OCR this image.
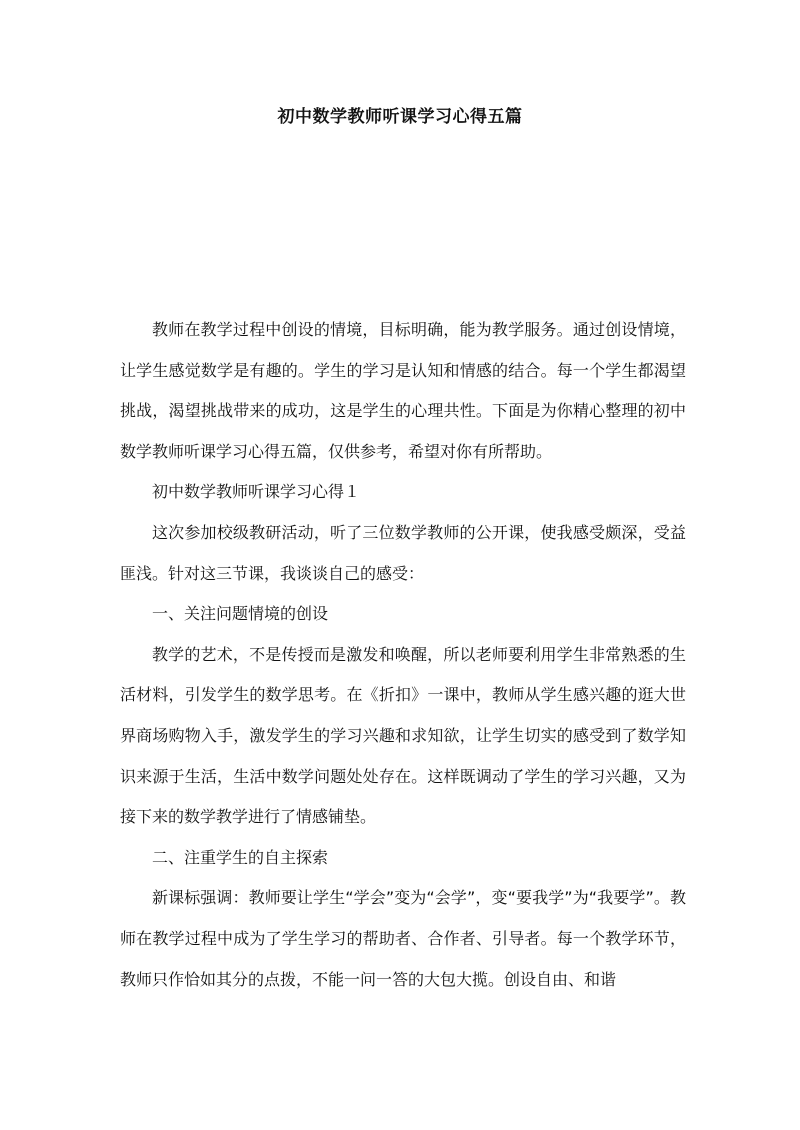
初中数学教师听课学习心得五篇

教师在教学过程中创设的情境，目标明确，能为教学服务。通过创设情境，让学生感觉数学是有趣的。学生的学习是认知和情感的结合。每一个学生都渴望挑战，渴望挑战带来的成功，这是学生的心理共性。下面是为你精心整理的初中数学教师听课学习心得五篇，仅供参考，希望对你有所帮助。

初中数学教师听课学习心得１

这次参加校级教研活动，听了三位数学教师的公开课，使我感受颇深，受益匪浅。针对这三节课，我谈谈自己的感受：

一、关注问题情境的创设

教学的艺术，不是传授而是激发和唤醒，所以老师要利用学生非常熟悉的生活材料，引发学生的数学思考。在《折扣》一课中，教师从学生感兴趣的逛大世界商场购物入手，激发学生的学习兴趣和求知欲，让学生切实的感受到了数学知识来源于生活，生活中数学问题处处存在。这样既调动了学生的学习兴趣，又为接下来的数学教学进行了情感铺垫。

二、注重学生的自主探索

新课标强调：教师要让学生“学会”变为“会学”，变“要我学”为“我要学”。教师在教学过程中成为了学生学习的帮助者、合作者、引导者。每一个教学环节，教师只作恰如其分的点拨，不能一问一答的大包大揽。创设自由、和谐
